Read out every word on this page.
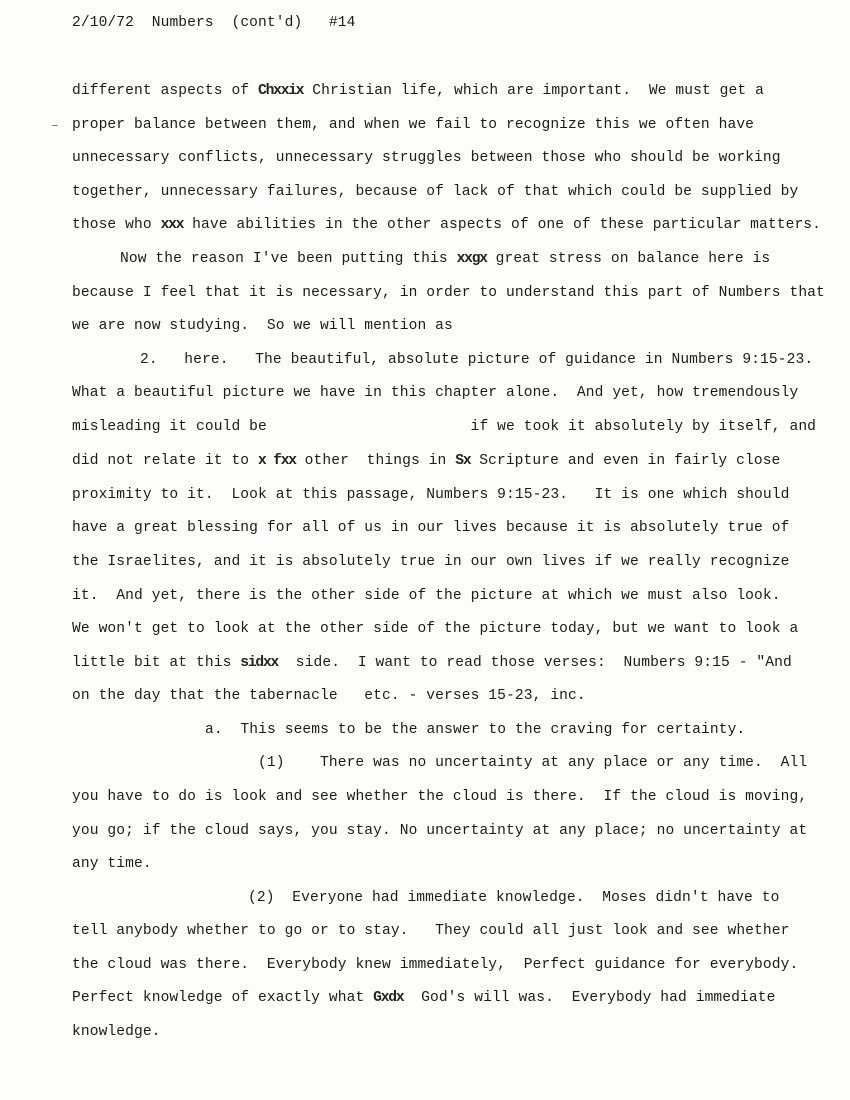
2/10/72 Numbers (cont'd) #14
different aspects of Chxxix Christian life, which are important.  We must get a
proper balance between them, and when we fail to recognize this we often have
unnecessary conflicts, unnecessary struggles between those who should be working
together, unnecessary failures, because of lack of that which could be supplied by
those who xxx have abilities in the other aspects of one of these particular matters.
Now the reason I've been putting this xxgx great stress on balance here is
because I feel that it is necessary, in order to understand this part of Numbers that
we are now studying.  So we will mention as
2.   here.   The beautiful, absolute picture of guidance in Numbers 9:15-23.
What a beautiful picture we have in this chapter alone.  And yet, how tremendously
misleading it could be                       if we took it absolutely by itself, and
did not relate it to x fxx other  things in Sx Scripture and even in fairly close
proximity to it.  Look at this passage, Numbers 9:15-23.   It is one which should
have a great blessing for all of us in our lives because it is absolutely true of
the Israelites, and it is absolutely true in our own lives if we really recognize
it.  And yet, there is the other side of the picture at which we must also look.
We won't get to look at the other side of the picture today, but we want to look a
little bit at this sidxx  side.  I want to read those verses:  Numbers 9:15 - "And
on the day that the tabernacle   etc. - verses 15-23, inc.
a.  This seems to be the answer to the craving for certainty.
(1)    There was no uncertainty at any place or any time.  All
you have to do is look and see whether the cloud is there.  If the cloud is moving,
you go; if the cloud says, you stay. No uncertainty at any place; no uncertainty at
any time.
(2)  Everyone had immediate knowledge.  Moses didn't have to
tell anybody whether to go or to stay.   They could all just look and see whether
the cloud was there.  Everybody knew immediately,  Perfect guidance for everybody.
Perfect knowledge of exactly what Gxdx  God's will was.  Everybody had immediate
knowledge.
